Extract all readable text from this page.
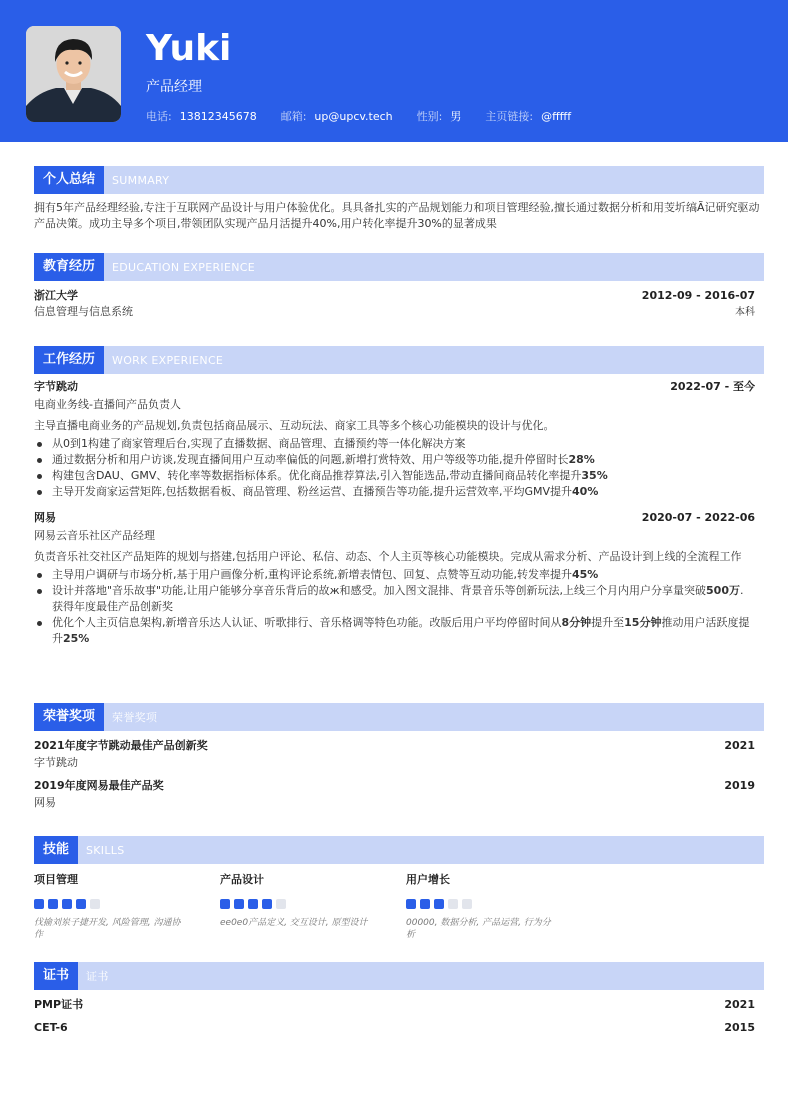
Yuki
产品经理
电话: 13812345678 邮箱: up@upcv.tech 性别: 男 主页链接: @fffff
个人总结	SUMMARY
拥有5年产品经理经验,专注于互联网产品设计与用户体验优化。具具备扎实的产品规划能力和项目管理经验,擅长通过数据分析和用芰圻缟Ã记研究驱动产品决策。成功主导多个项目,带领团队实现产品月活提升40%,用户转化率提升30%的显著成果
教育经历	EDUCATION EXPERIENCE
浙江大学	2012-09 - 2016-07
信息管理与信息系统	本科
工作经历	WORK EXPERIENCE
字节跳动	2022-07 - 至今
电商业务线-直播间产品负责人
主导直播电商业务的产品规划,负责包括商品展示、互动玩法、商家工具等多个核心功能模块的设计与优化。
从0到1构建了商家管理后台,实现了直播数据、商品管理、直播预约等一体化解决方案
通过数据分析和用户访谈,发现直播间用户互动率偏低的问题,新增打赏特效、用户等级等功能,提升停留时长28%
构建包含DAU、GMV、转化率等数据指标体系。优化商品推荐算法,引入智能选品,带动直播间商品转化率提升35%
主导开发商家运营矩阵,包括数据看板、商品管理、粉丝运营、直播预告等功能,提升运营效率,平均GMV提升40%
网易	2020-07 - 2022-06
网易云音乐社区产品经理
负责音乐社交社区产品矩阵的规划与搭建,包括用户评论、私信、动态、个人主页等核心功能模块。完成从需求分析、产品设计到上线的全流程工作
主导用户调研与市场分析,基于用户画像分析,重构评论系统,新增表情包、回复、点赞等互动功能,转发率提升45%
设计并落地"音乐故事"功能,让用户能够分享音乐背后的故ж和感受。加入图文混排、背景音乐等创新玩法,上线三个月内用户分享量突破500万.获得年度最佳产品创新奖
优化个人主页信息架构,新增音乐达人认证、听歌排行、音乐格调等特色功能。改版后用户平均停留时间从8分钟提升至15分钟推动用户活跃度提升25%
荣誉奖项	荣誉奖项
2021年度字节跳动最佳产品创新奖	2021
字节跳动
2019年度网易最佳产品奖	2019
网易
技能	SKILLS
项目管理
伐揄刘岽子捷开发, 风险管理, 沟通协作
产品设计
ee0e0产品定义, 交互设计, 原型设计
用户增长
00000, 数据分析, 产品运营, 行为分析
证书	证书
PMP证书	2021
CET-6	2015
